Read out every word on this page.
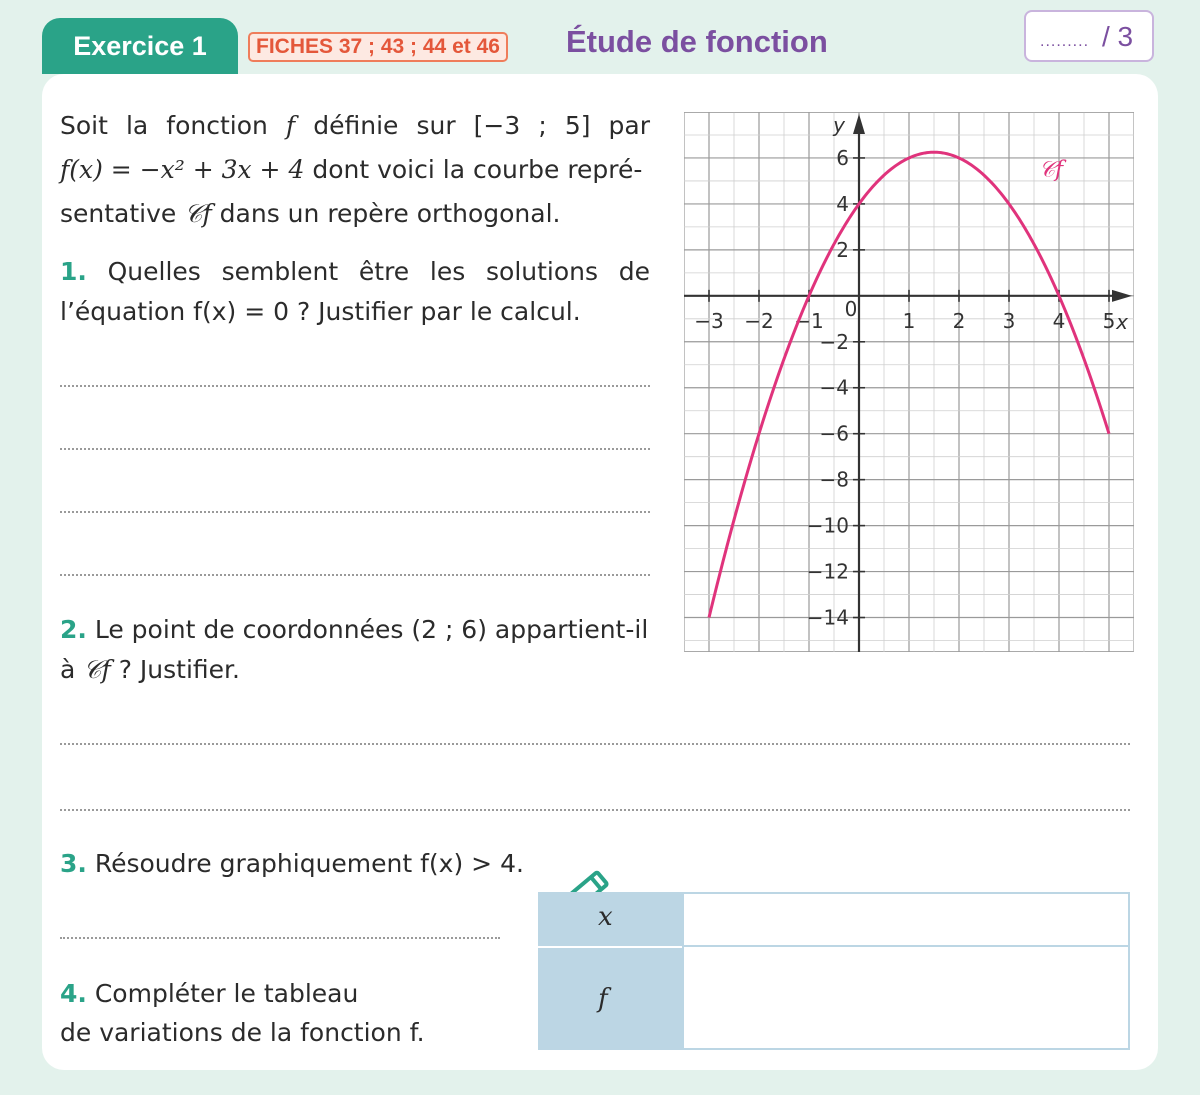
Exercice 1	FICHES 37 ; 43 ; 44 et 46 Étude de fonction	......... / 3
Soit la fonction f définie sur [−3 ; 5] par
f(x) = −x² + 3x + 4 dont voici la courbe repré-
sentative 𝒞f dans un repère orthogonal.
1. Quelles semblent être les solutions de
l’équation f(x) = 0 ? Justifier par le calcul.	−3 −2 −1 0 1 2 3 4 5
6
4
2
−2
−4
−6
−8
−10
−12
−14
x
y
𝒞f
2. Le point de coordonnées (2 ; 6) appartient-il
à 𝒞f ? Justifier.
3. Résoudre graphiquement f(x) > 4.
4. Compléter le tableau
de variations de la fonction f.
x
f
